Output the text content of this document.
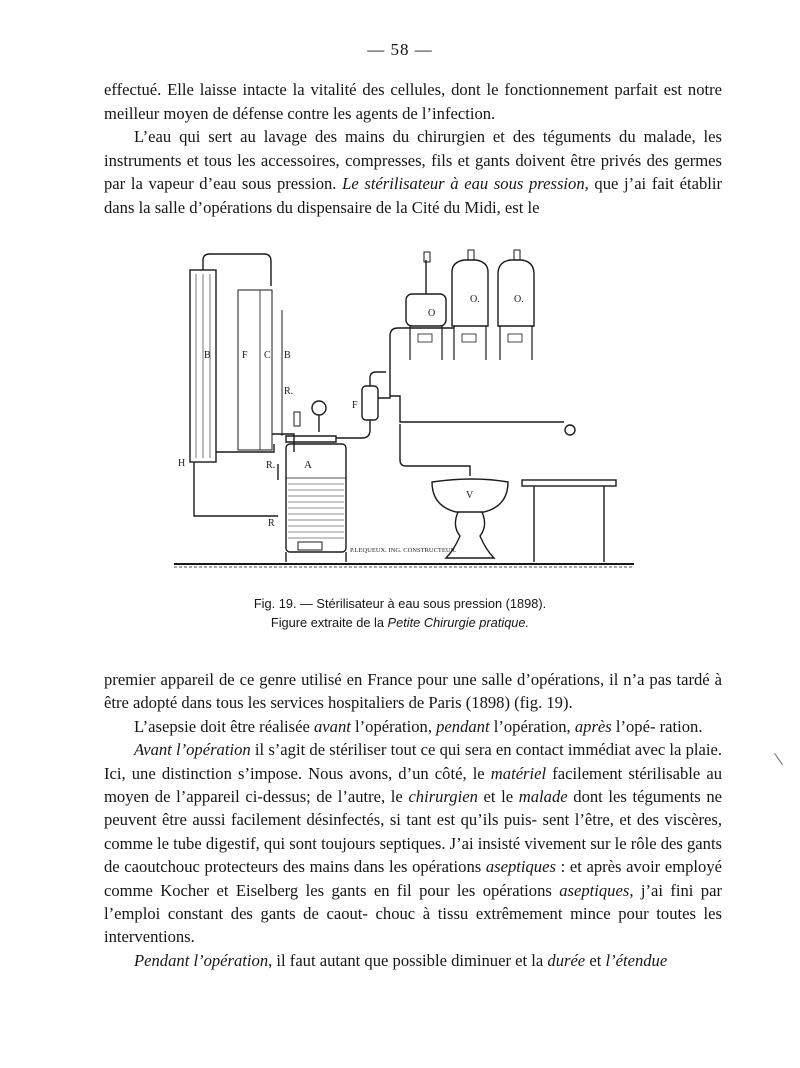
— 58 —

effectué. Elle laisse intacte la vitalité des cellules, dont le fonctionnement parfait est notre meilleur moyen de défense contre les agents de l’infection.

L’eau qui sert au lavage des mains du chirurgien et des téguments du malade, les instruments et tous les accessoires, compresses, fils et gants doivent être privés des germes par la vapeur d’eau sous pression. Le stérilisateur à eau sous pression, que j’ai fait établir dans la salle d’opérations du dispensaire de la Cité du Midi, est le

B	F C B
R.
F
H	R.	A
R
O
O.	O.
V
P.LEQUEUX. ING. CONSTRUCTEUR.
Fig. 19. — Stérilisateur à eau sous pression (1898).
Figure extraite de la Petite Chirurgie pratique.

premier appareil de ce genre utilisé en France pour une salle d’opérations, il n’a pas tardé à être adopté dans tous les services hospitaliers de Paris (1898) (fig. 19).

L’asepsie doit être réalisée avant l’opération, pendant l’opération, après l’opé- ration.

Avant l’opération il s’agit de stériliser tout ce qui sera en contact immédiat avec la plaie. Ici, une distinction s’impose. Nous avons, d’un côté, le matériel facilement stérilisable au moyen de l’appareil ci-dessus; de l’autre, le chirurgien et le malade dont les téguments ne peuvent être aussi facilement désinfectés, si tant est qu’ils puis- sent l’être, et des viscères, comme le tube digestif, qui sont toujours septiques. J’ai insisté vivement sur le rôle des gants de caoutchouc protecteurs des mains dans les opérations aseptiques : et après avoir employé comme Kocher et Eiselberg les gants en fil pour les opérations aseptiques, j’ai fini par l’emploi constant des gants de caout- chouc à tissu extrêmement mince pour toutes les interventions.

Pendant l’opération, il faut autant que possible diminuer et la durée et l’étendue
